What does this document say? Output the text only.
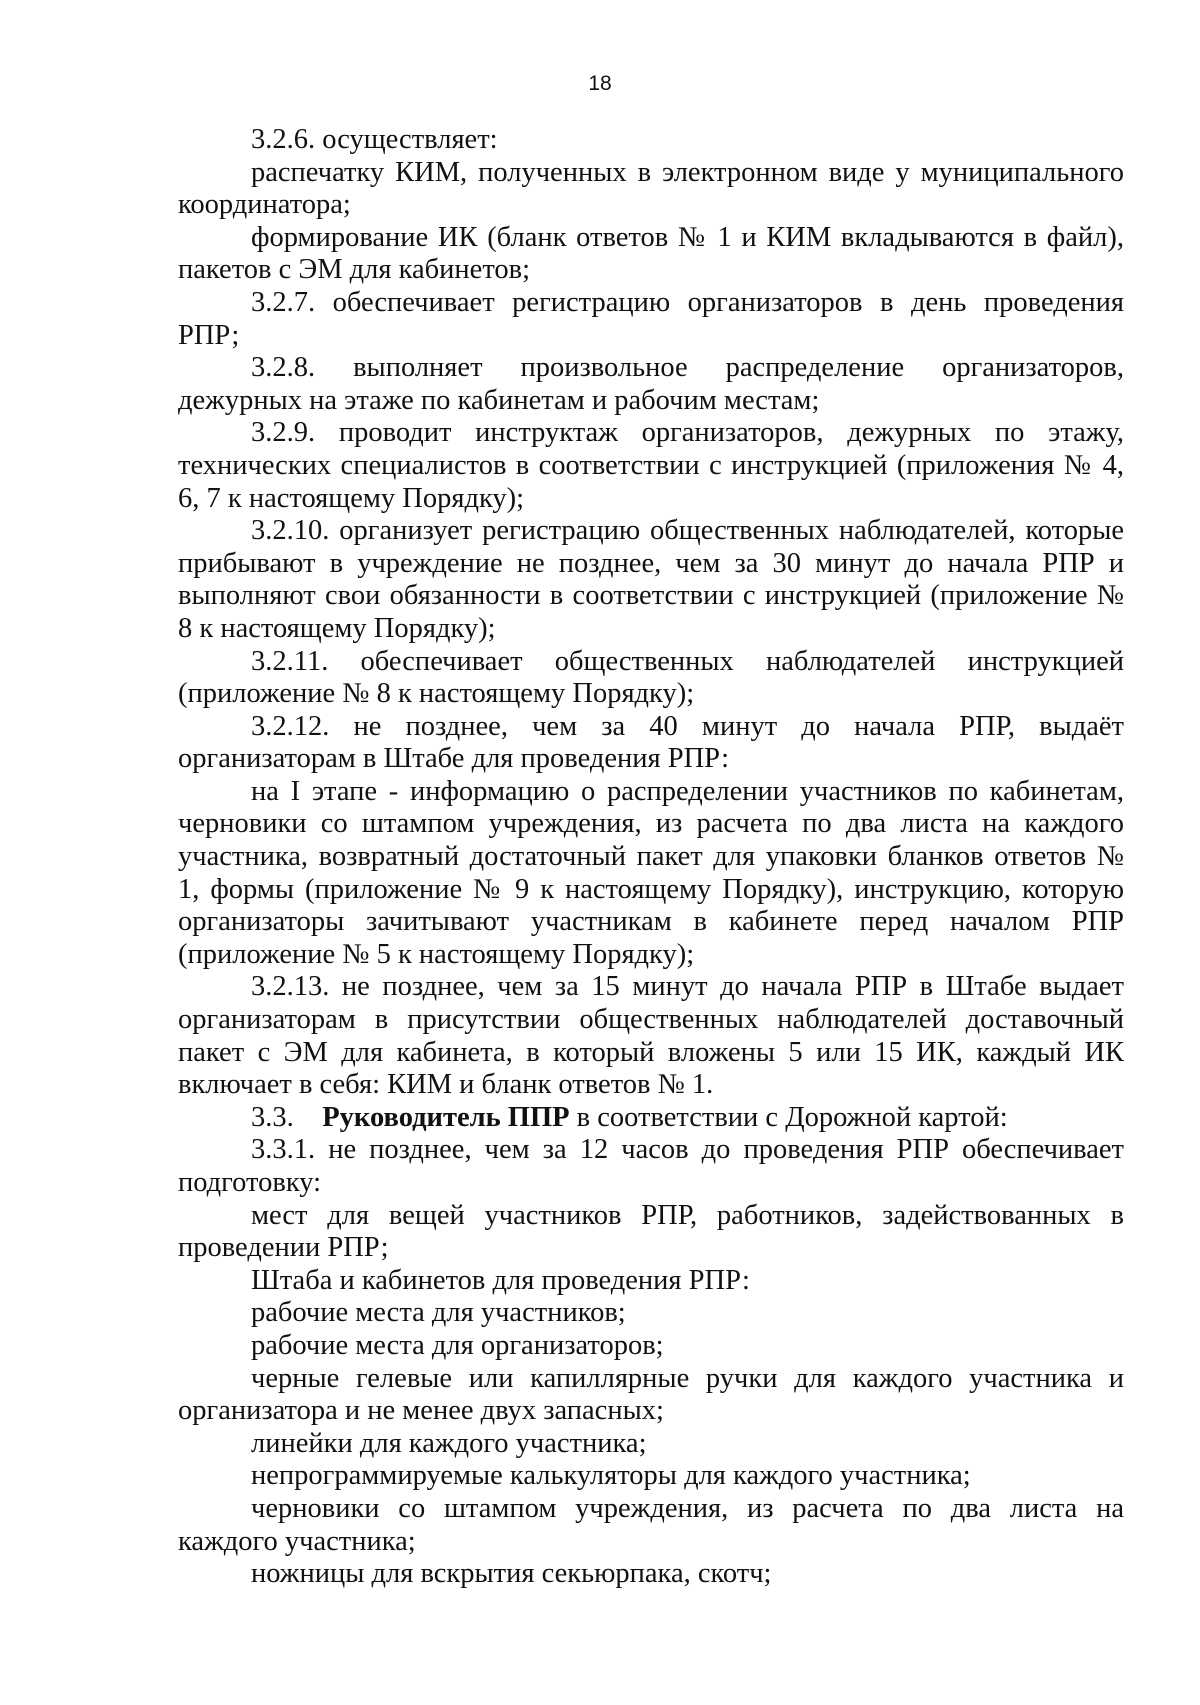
18

3.2.6. осуществляет:

распечатку КИМ, полученных в электронном виде у муниципального координатора;

формирование ИК (бланк ответов № 1 и КИМ вкладываются в файл), пакетов с ЭМ для кабинетов;

3.2.7. обеспечивает регистрацию организаторов в день проведения РПР;

3.2.8. выполняет произвольное распределение организаторов, дежурных на этаже по кабинетам и рабочим местам;

3.2.9. проводит инструктаж организаторов, дежурных по этажу, технических специалистов в соответствии с инструкцией (приложения № 4, 6, 7 к настоящему Порядку);

3.2.10. организует регистрацию общественных наблюдателей, которые прибывают в учреждение не позднее, чем за 30 минут до начала РПР и выполняют свои обязанности в соответствии с инструкцией (приложение № 8 к настоящему Порядку);

3.2.11. обеспечивает общественных наблюдателей инструкцией (приложение № 8 к настоящему Порядку);

3.2.12. не позднее, чем за 40 минут до начала РПР, выдаёт организаторам в Штабе для проведения РПР:

на I этапе - информацию о распределении участников по кабинетам, черновики со штампом учреждения, из расчета по два листа на каждого участника, возвратный достаточный пакет для упаковки бланков ответов № 1, формы (приложение № 9 к настоящему Порядку), инструкцию, которую организаторы зачитывают участникам в кабинете перед началом РПР (приложение № 5 к настоящему Порядку);

3.2.13. не позднее, чем за 15 минут до начала РПР в Штабе выдает организаторам в присутствии общественных наблюдателей доставочный пакет с ЭМ для кабинета, в который вложены 5 или 15 ИК, каждый ИК включает в себя: КИМ и бланк ответов № 1.

3.3. Руководитель ППР в соответствии с Дорожной картой:

3.3.1. не позднее, чем за 12 часов до проведения РПР обеспечивает подготовку:

мест для вещей участников РПР, работников, задействованных в проведении РПР;

Штаба и кабинетов для проведения РПР:

рабочие места для участников;

рабочие места для организаторов;

черные гелевые или капиллярные ручки для каждого участника и организатора и не менее двух запасных;

линейки для каждого участника;

непрограммируемые калькуляторы для каждого участника;

черновики со штампом учреждения, из расчета по два листа на каждого участника;

ножницы для вскрытия секьюрпака, скотч;
